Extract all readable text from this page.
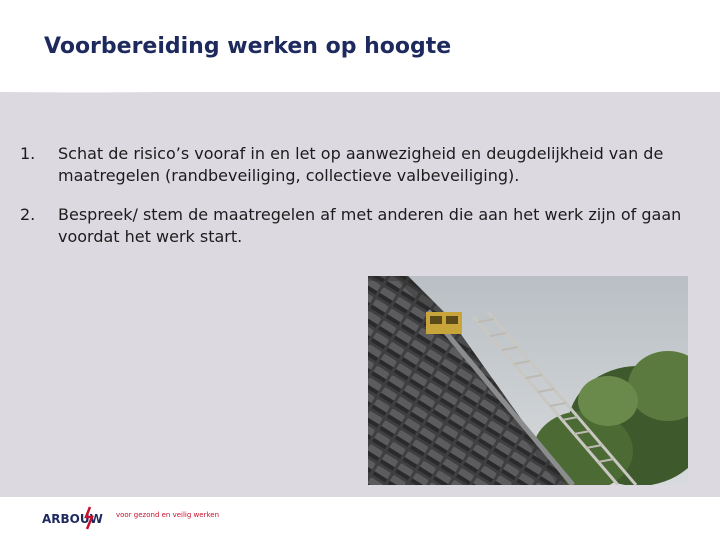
Voorbereiding werken op hoogte
1. Schat de risico’s vooraf in en let op aanwezigheid en deugdelijkheid van de maatregelen (randbeveiliging, collectieve valbeveiliging).
2. Bespreek/ stem de maatregelen af met anderen die aan het werk zijn of gaan voordat het werk start.
ARBOUW voor gezond en veilig werken
